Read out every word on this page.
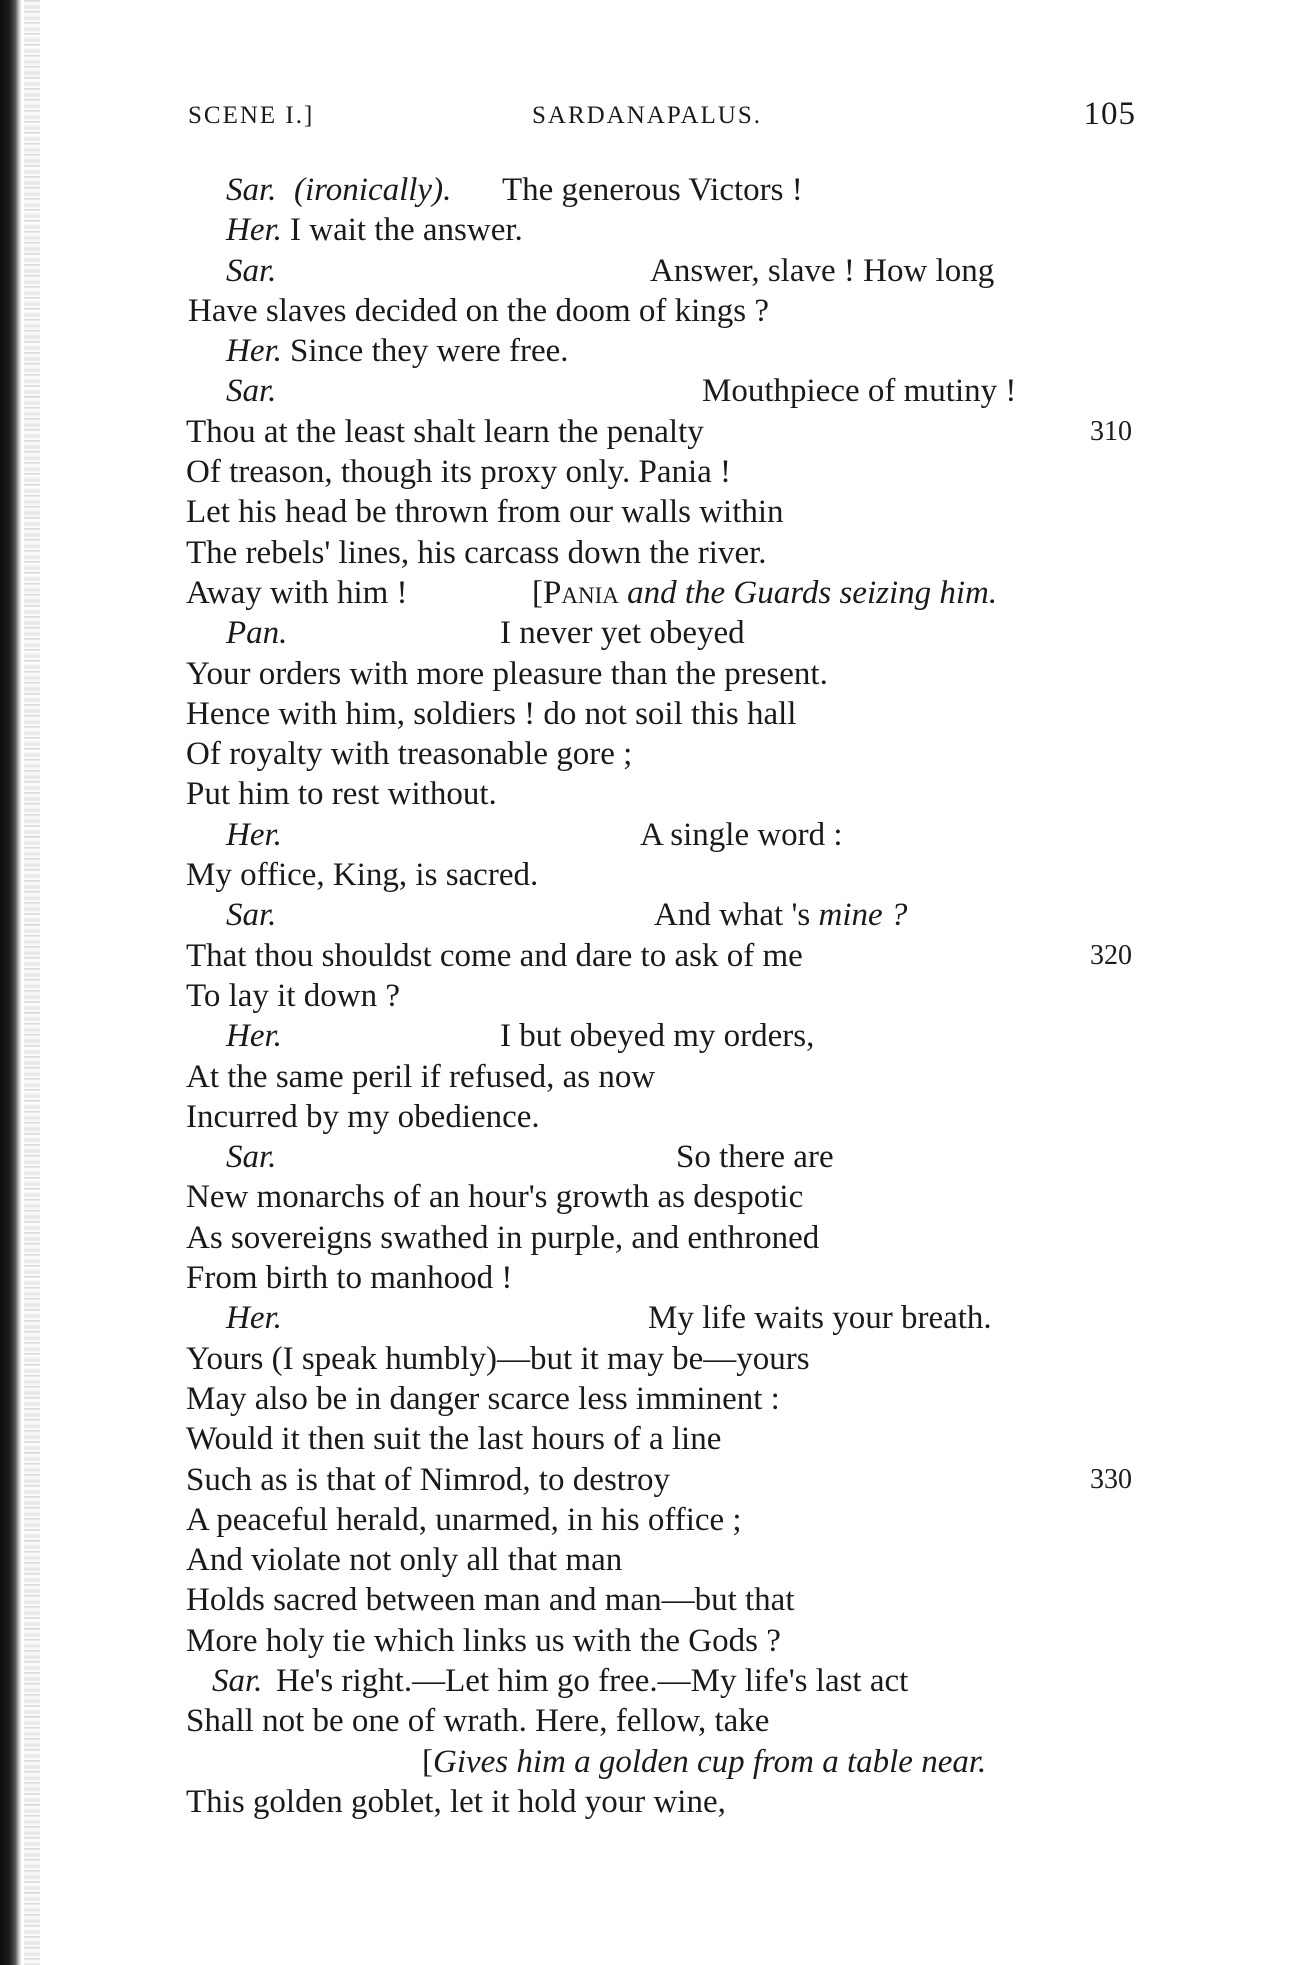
SCENE I.]	SARDANAPALUS.	105
Sar. (ironically). The generous Victors !
Her. I wait the answer.
Sar.	Answer, slave ! How long
Have slaves decided on the doom of kings ?
Her. Since they were free.
Sar.	Mouthpiece of mutiny !
Thou at the least shalt learn the penalty	310
Of treason, though its proxy only. Pania !
Let his head be thrown from our walls within
The rebels' lines, his carcass down the river.
Away with him !	[Pania and the Guards seizing him.
Pan.	I never yet obeyed
Your orders with more pleasure than the present.
Hence with him, soldiers ! do not soil this hall
Of royalty with treasonable gore ;
Put him to rest without.
Her.	A single word :
My office, King, is sacred.
Sar.	And what 's mine ?
That thou shouldst come and dare to ask of me	320
To lay it down ?
Her.	I but obeyed my orders,
At the same peril if refused, as now
Incurred by my obedience.
Sar.	So there are
New monarchs of an hour's growth as despotic
As sovereigns swathed in purple, and enthroned
From birth to manhood !
Her.	My life waits your breath.
Yours (I speak humbly)—but it may be—yours
May also be in danger scarce less imminent :
Would it then suit the last hours of a line
Such as is that of Nimrod, to destroy	330
A peaceful herald, unarmed, in his office ;
And violate not only all that man
Holds sacred between man and man—but that
More holy tie which links us with the Gods ?
Sar. He's right.—Let him go free.—My life's last act
Shall not be one of wrath. Here, fellow, take
[Gives him a golden cup from a table near.
This golden goblet, let it hold your wine,
